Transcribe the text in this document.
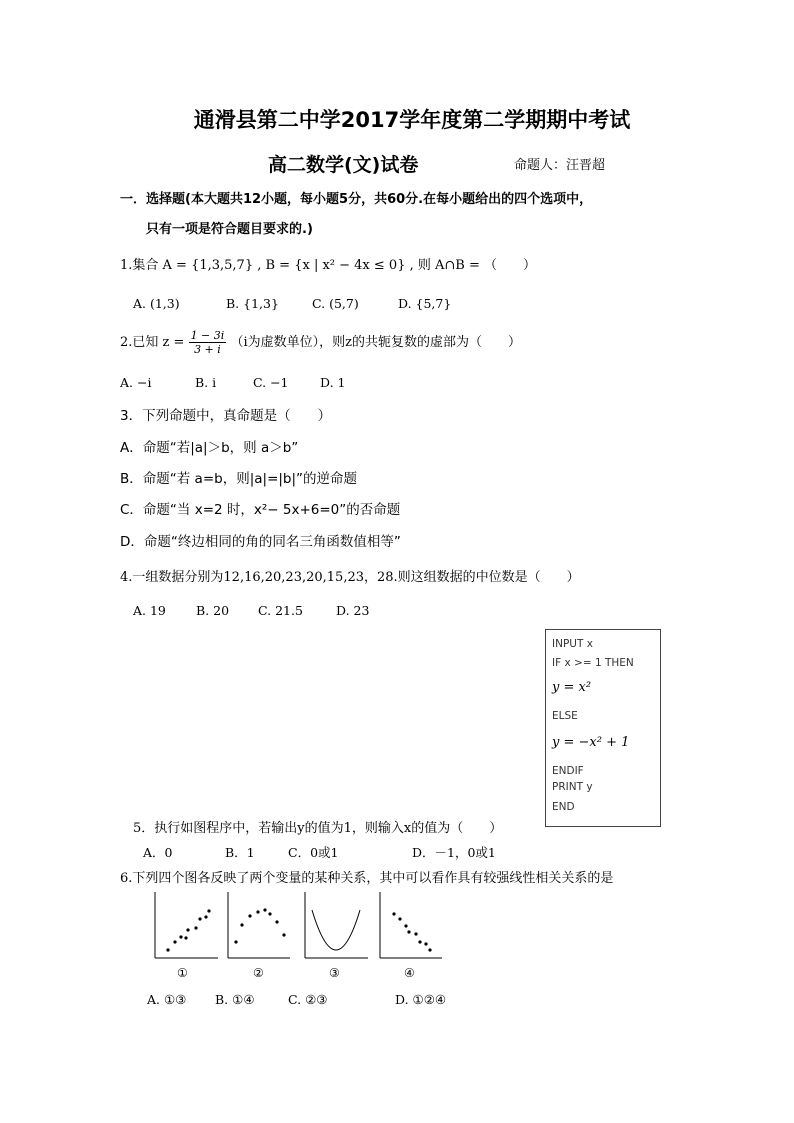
通滑县第二中学2017学年度第二学期期中考试
高二数学(文)试卷	命题人：汪晋超
一．选择题(本大题共12小题，每小题5分，共60分.在每小题给出的四个选项中，
只有一项是符合题目要求的.)
1.集合 A = {1,3,5,7} , B = {x | x² − 4x ≤ 0} , 则 A∩B = （　　）
A. (1,3)	B. {1,3}	C. (5,7)	D. {5,7}
2.已知 $z = \frac{1 - 3i}{3 + i} (i$为虚数单位），则z的共轭复数的虚部为（　　）
A. −i	B. i	C. −1	D. 1
3．下列命题中，真命题是（　　）
A．命题“若|a|＞b，则 a＞b”
B．命题“若 a=b，则|a|=|b|”的逆命题
C．命题“当 x=2 时，x²− 5x+6=0”的否命题
D．命题“终边相同的角的同名三角函数值相等”
4.一组数据分别为12,16,20,23,20,15,23，28.则这组数据的中位数是（　　）
A. 19 B. 20 C. 21.5	D. 23
INPUT x
IF x >= 1 THEN
y = x²
ELSE
y = −x² + 1
ENDIF
PRINT y
END
5．执行如图程序中，若输出y的值为1，则输入x的值为（　　）
A．0	B．1	C．0或1	D．－1，0或1
6.下列四个图各反映了两个变量的某种关系，其中可以看作具有较强线性相关关系的是
①	②	③	④
A. ①③ B. ①④	C. ②③	D. ①②④
